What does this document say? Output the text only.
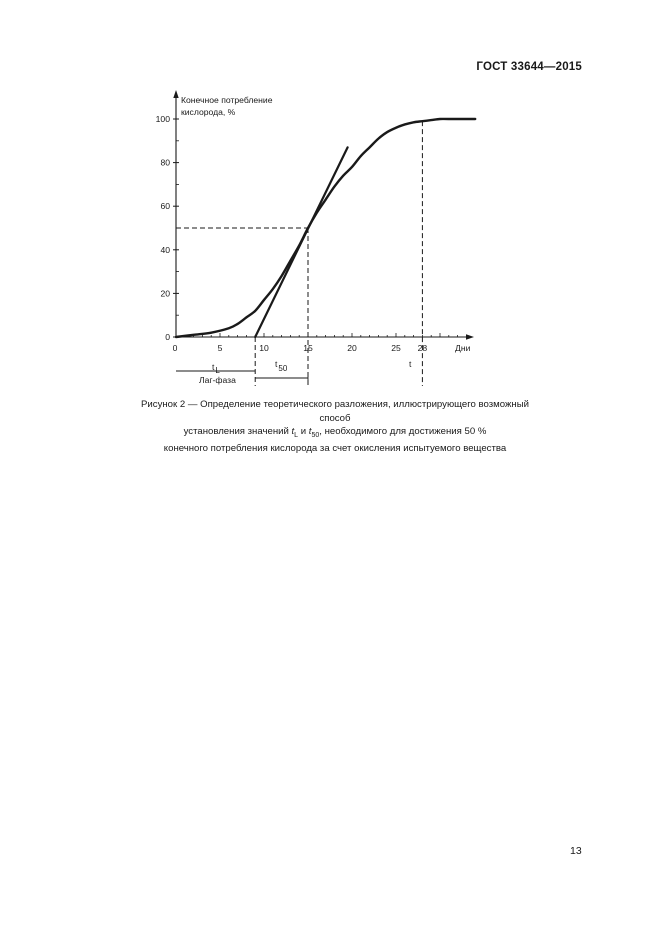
ГОСТ 33644—2015
0
20
40
60
80
100
0	5	10	15	20	25 28
Конечное потребление
кислорода, %
Дни
tL
t50	t
Лаг-фаза

Рисунок 2 — Определение теоретического разложения, иллюстрирующего возможный способ

установления значений $t_L$ и $t_{50}$, необходимого для достижения 50 %

конечного потребления кислорода за счет окисления испытуемого вещества

13
